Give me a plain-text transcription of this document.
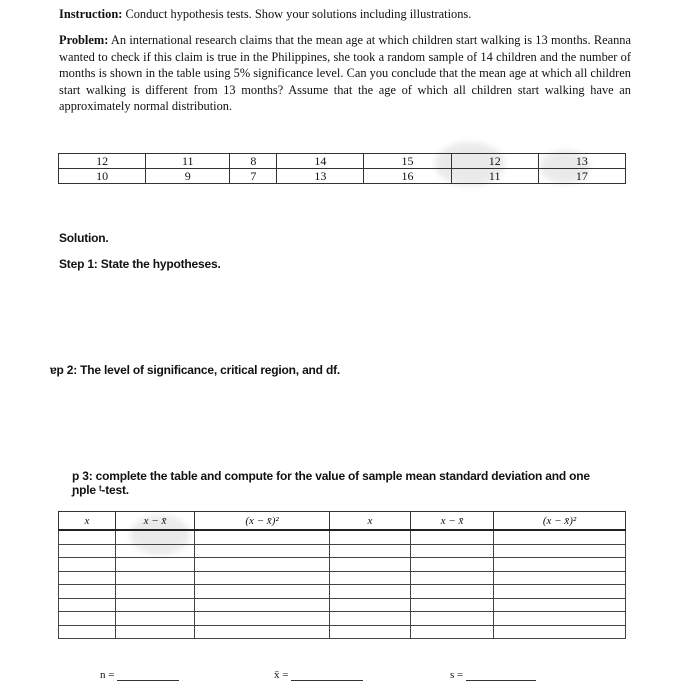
Instruction: Conduct hypothesis tests. Show your solutions including illustrations.
Problem: An international research claims that the mean age at which children start walking is 13 months. Reanna wanted to check if this claim is true in the Philippines, she took a random sample of 14 children and the number of months is shown in the table using 5% significance level. Can you conclude that the mean age at which all children start walking is different from 13 months? Assume that the age of which all children start walking have an approximately normal distribution.
12	11	8	14	15	12	13
10	9	7	13	16	11	17
Solution.
Step 1: State the hypotheses.
ɐp 2: The level of significance, critical region, and df.
p 3: complete the table and compute for the value of sample mean standard deviation and one
ɲple ᵗ-test.
x	x − x̄	(x − x̄)²	x	x − x̄	(x − x̄)²

n =	x̄ =	s =
